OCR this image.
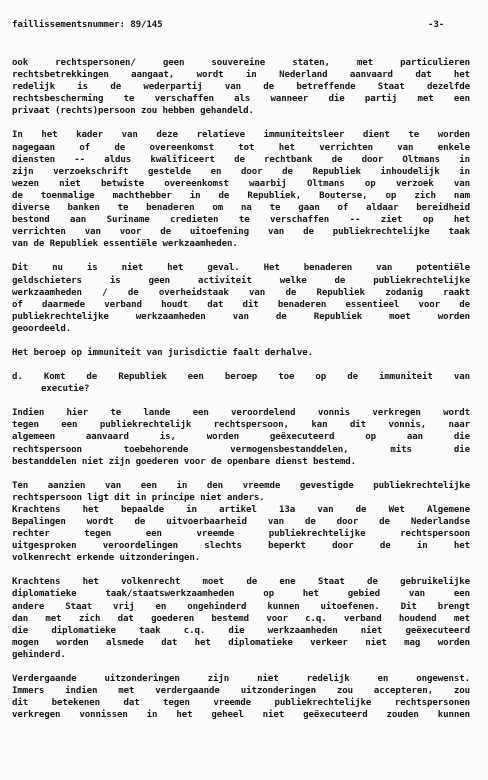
faillissementsnummer: 89/145	-3-
ook rechtspersonen/ geen souvereine staten, met particulieren
rechtsbetrekkingen aangaat, wordt in Nederland aanvaard dat het
redelijk is de wederpartij van de betreffende Staat dezelfde
rechtsbescherming te verschaffen als wanneer die partij met een
privaat (rechts)persoon zou hebben gehandeld.
In het kader van deze relatieve immuniteitsleer dient te worden
nagegaan of de overeenkomst tot het verrichten van enkele
diensten -- aldus kwalificeert de rechtbank de door Oltmans in
zijn verzoekschrift gestelde en door de Republiek inhoudelijk in
wezen niet betwiste overeenkomst waarbij Oltmans op verzoek van
de toenmalige machthebber in de Republiek, Bouterse, op zich nam
diverse banken te benaderen om na te gaan of aldaar bereidheid
bestond aan Suriname credieten te verschaffen -- ziet op het
verrichten van voor de uitoefening van de publiekrechtelijke taak
van de Republiek essentiële werkzaamheden.
Dit nu is niet het geval. Het benaderen van potentiële
geldschieters is geen activiteit welke de publiekrechtelijke
werkzaamheden / de overheidstaak van de Republiek zodanig raakt
of daarmede verband houdt dat dit benaderen essentieel voor de
publiekrechtelijke werkzaamheden van de Republiek moet worden
geoordeeld.
Het beroep op immuniteit van jurisdictie faalt derhalve.
d. Komt de Republiek een beroep toe op de immuniteit van
executie?
Indien hier te lande een veroordelend vonnis verkregen wordt
tegen een publiekrechtelijk rechtspersoon, kan dit vonnis, naar
algemeen aanvaard is, worden geëxecuteerd op aan die
rechtspersoon toebehorende vermogensbestanddelen, mits die
bestanddelen niet zijn goederen voor de openbare dienst bestemd.
Ten aanzien van een in den vreemde gevestigde publiekrechtelijke
rechtspersoon ligt dit in principe niet anders.
Krachtens het bepaalde in artikel 13a van de Wet Algemene
Bepalingen wordt de uitvoerbaarheid van de door de Nederlandse
rechter tegen een vreemde publiekrechtelijke rechtspersoon
uitgesproken veroordelingen slechts beperkt door de in het
volkenrecht erkende uitzonderingen.
Krachtens het volkenrecht moet de ene Staat de gebruikelijke
diplomatieke taak/staatswerkzaamheden op het gebied van een
andere Staat vrij en ongehinderd kunnen uitoefenen. Dit brengt
dan met zich dat goederen bestemd voor c.q. verband houdend met
die diplomatieke taak c.q. die werkzaamheden niet geëxecuteerd
mogen worden alsmede dat het diplomatieke verkeer niet mag worden
gehinderd.
Verdergaande uitzonderingen zijn niet redelijk en ongewenst.
Immers indien met verdergaande uitzonderingen zou accepteren, zou
dit betekenen dat tegen vreemde publiekrechtelijke rechtspersonen
verkregen vonnissen in het geheel niet geëxecuteerd zouden kunnen
